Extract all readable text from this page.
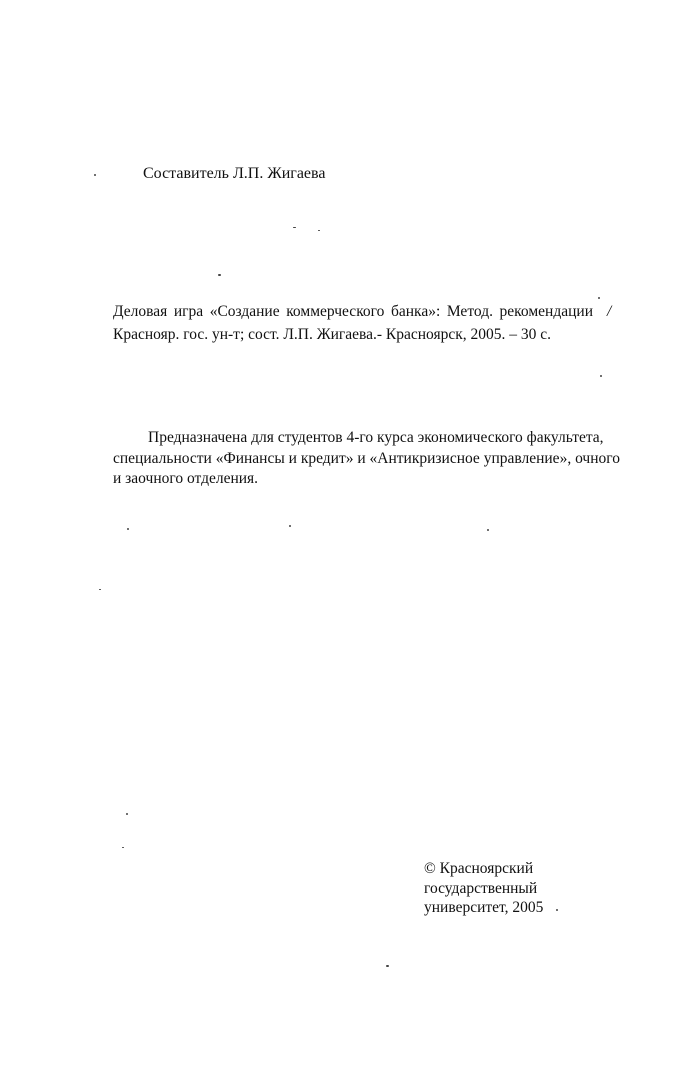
Составитель Л.П. Жигаева
Деловая игра «Создание коммерческого банка»: Метод. рекомендации /
Краснояр. гос. ун-т; сост. Л.П. Жигаева.- Красноярск, 2005. – 30 с.
Предназначена для студентов 4-го курса экономического факультета,
специальности «Финансы и кредит» и «Антикризисное управление», очного
и заочного отделения.
© Красноярский
государственный
университет, 2005
